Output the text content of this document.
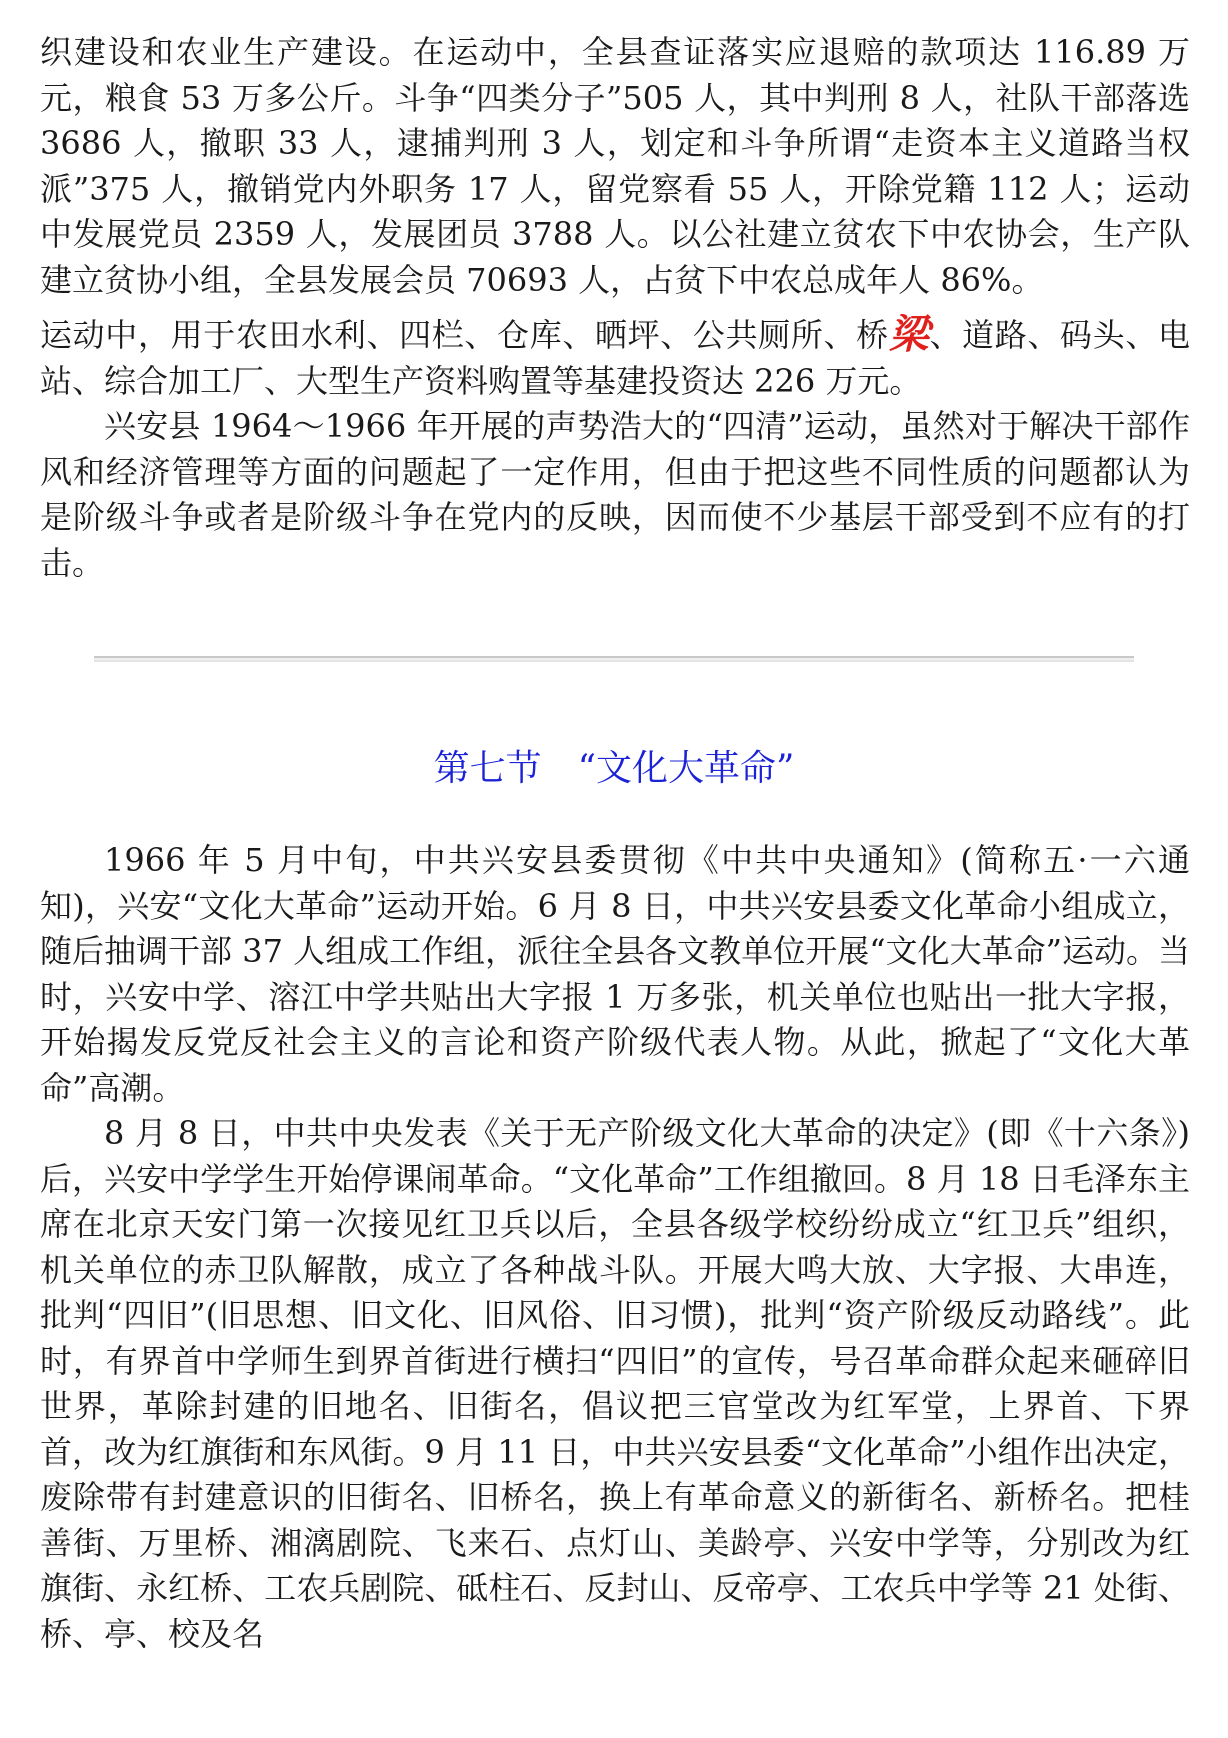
织建设和农业生产建设。在运动中，全县查证落实应退赔的款项达 116.89 万元，粮食 53 万多公斤。斗争“四类分子”505 人，其中判刑 8 人，社队干部落选 3686 人，撤职 33 人，逮捕判刑 3 人，划定和斗争所谓“走资本主义道路当权派”375 人，撤销党内外职务 17 人，留党察看 55 人，开除党籍 112 人；运动中发展党员 2359 人，发展团员 3788 人。以公社建立贫农下中农协会，生产队建立贫协小组，全县发展会员 70693 人，占贫下中农总成年人 86%。

运动中，用于农田水利、四栏、仓库、晒坪、公共厕所、桥梁、道路、码头、电站、综合加工厂、大型生产资料购置等基建投资达 226 万元。

兴安县 1964～1966 年开展的声势浩大的“四清”运动，虽然对于解决干部作风和经济管理等方面的问题起了一定作用，但由于把这些不同性质的问题都认为是阶级斗争或者是阶级斗争在党内的反映，因而使不少基层干部受到不应有的打击。

第七节　“文化大革命”

1966 年 5 月中旬，中共兴安县委贯彻《中共中央通知》(简称五·一六通知)，兴安“文化大革命”运动开始。6 月 8 日，中共兴安县委文化革命小组成立，随后抽调干部 37 人组成工作组，派往全县各文教单位开展“文化大革命”运动。当时，兴安中学、溶江中学共贴出大字报 1 万多张，机关单位也贴出一批大字报，开始揭发反党反社会主义的言论和资产阶级代表人物。从此，掀起了“文化大革命”高潮。

8 月 8 日，中共中央发表《关于无产阶级文化大革命的决定》(即《十六条》)后，兴安中学学生开始停课闹革命。“文化革命”工作组撤回。8 月 18 日毛泽东主席在北京天安门第一次接见红卫兵以后，全县各级学校纷纷成立“红卫兵”组织，机关单位的赤卫队解散，成立了各种战斗队。开展大鸣大放、大字报、大串连，批判“四旧”(旧思想、旧文化、旧风俗、旧习惯)，批判“资产阶级反动路线”。此时，有界首中学师生到界首街进行横扫“四旧”的宣传，号召革命群众起来砸碎旧世界，革除封建的旧地名、旧街名，倡议把三官堂改为红军堂，上界首、下界首，改为红旗街和东风街。9 月 11 日，中共兴安县委“文化革命”小组作出决定，废除带有封建意识的旧街名、旧桥名，换上有革命意义的新街名、新桥名。把桂善街、万里桥、湘漓剧院、飞来石、点灯山、美龄亭、兴安中学等，分别改为红旗街、永红桥、工农兵剧院、砥柱石、反封山、反帝亭、工农兵中学等 21 处街、桥、亭、校及名
